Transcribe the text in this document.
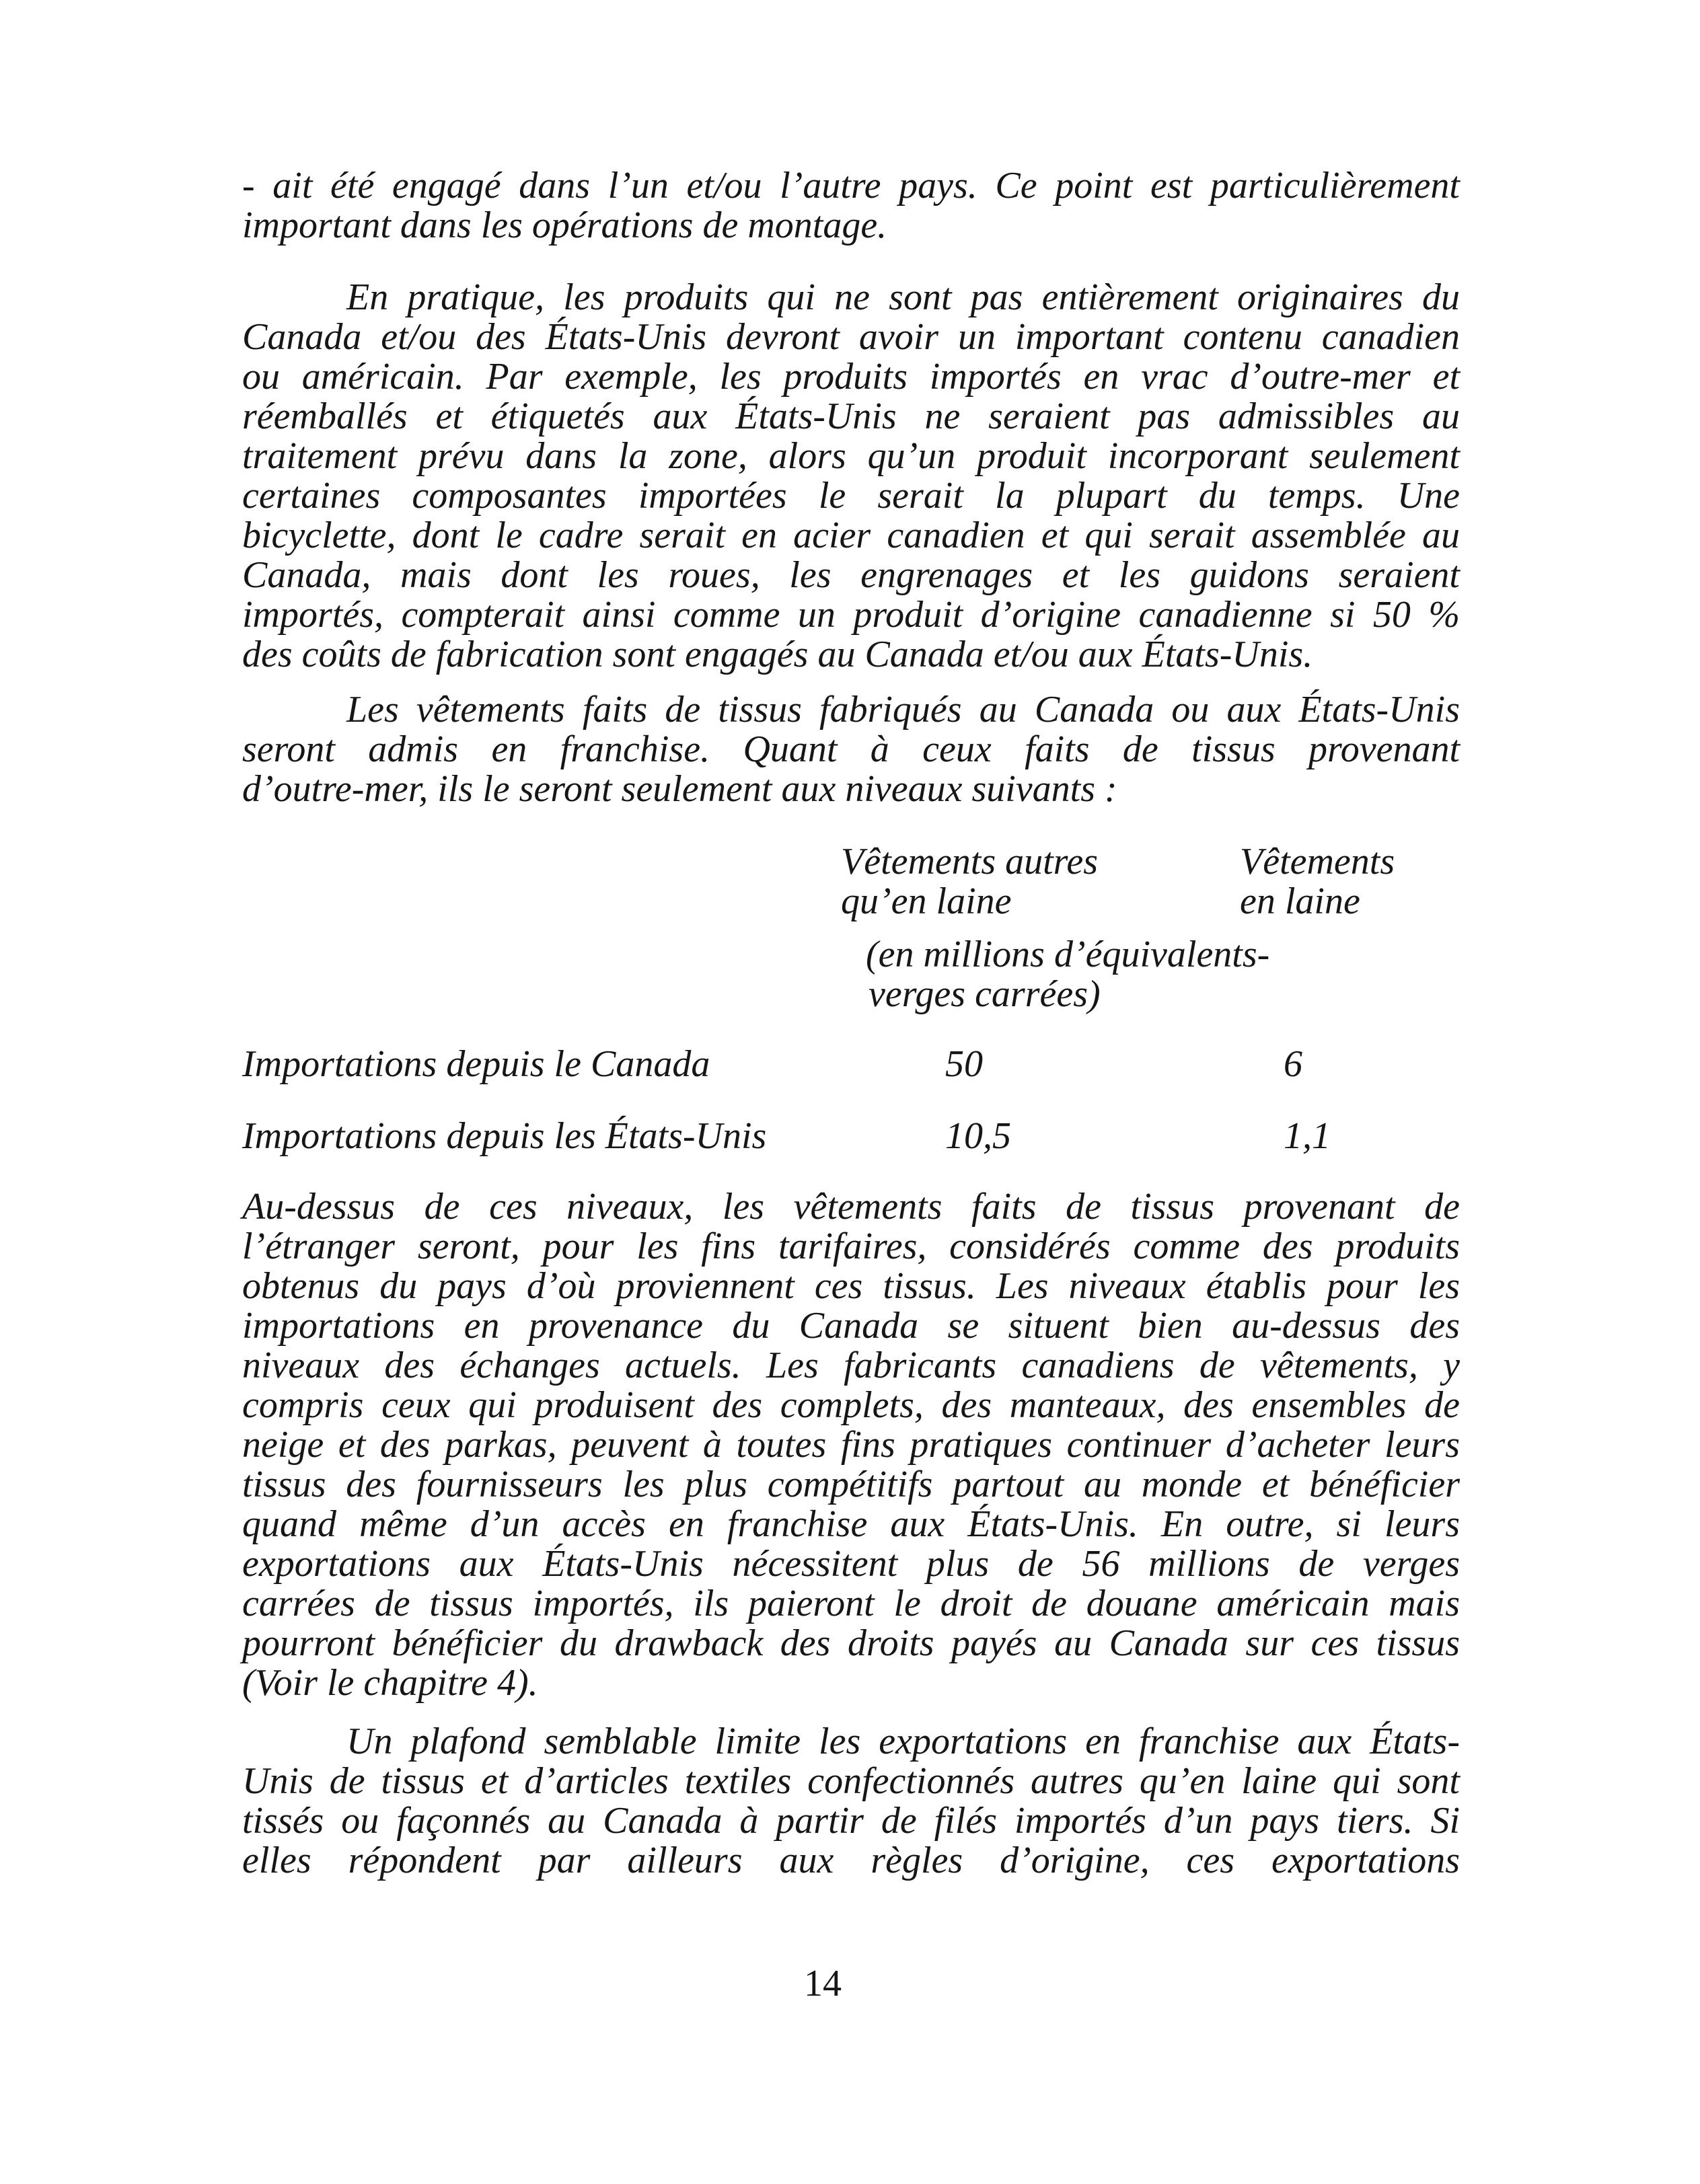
- ait été engagé dans l’un et/ou l’autre pays. Ce point est particulièrement
important dans les opérations de montage.
En pratique, les produits qui ne sont pas entièrement originaires du
Canada et/ou des États-Unis devront avoir un important contenu canadien
ou américain. Par exemple, les produits importés en vrac d’outre-mer et
réemballés et étiquetés aux États-Unis ne seraient pas admissibles au
traitement prévu dans la zone, alors qu’un produit incorporant seulement
certaines composantes importées le serait la plupart du temps. Une
bicyclette, dont le cadre serait en acier canadien et qui serait assemblée au
Canada, mais dont les roues, les engrenages et les guidons seraient
importés, compterait ainsi comme un produit d’origine canadienne si 50 %
des coûts de fabrication sont engagés au Canada et/ou aux États-Unis.
Les vêtements faits de tissus fabriqués au Canada ou aux États-Unis
seront admis en franchise. Quant à ceux faits de tissus provenant
d’outre-mer, ils le seront seulement aux niveaux suivants :
Vêtements autres
qu’en laine
Vêtements
en laine
(en millions d’équivalents-
verges carrées)
Importations depuis le Canada	50	6
Importations depuis les États-Unis	10,5	1,1
Au-dessus de ces niveaux, les vêtements faits de tissus provenant de
l’étranger seront, pour les fins tarifaires, considérés comme des produits
obtenus du pays d’où proviennent ces tissus. Les niveaux établis pour les
importations en provenance du Canada se situent bien au-dessus des
niveaux des échanges actuels. Les fabricants canadiens de vêtements, y
compris ceux qui produisent des complets, des manteaux, des ensembles de
neige et des parkas, peuvent à toutes fins pratiques continuer d’acheter leurs
tissus des fournisseurs les plus compétitifs partout au monde et bénéficier
quand même d’un accès en franchise aux États-Unis. En outre, si leurs
exportations aux États-Unis nécessitent plus de 56 millions de verges
carrées de tissus importés, ils paieront le droit de douane américain mais
pourront bénéficier du drawback des droits payés au Canada sur ces tissus
(Voir le chapitre 4).
Un plafond semblable limite les exportations en franchise aux États-
Unis de tissus et d’articles textiles confectionnés autres qu’en laine qui sont
tissés ou façonnés au Canada à partir de filés importés d’un pays tiers. Si
elles répondent par ailleurs aux règles d’origine, ces exportations
14
